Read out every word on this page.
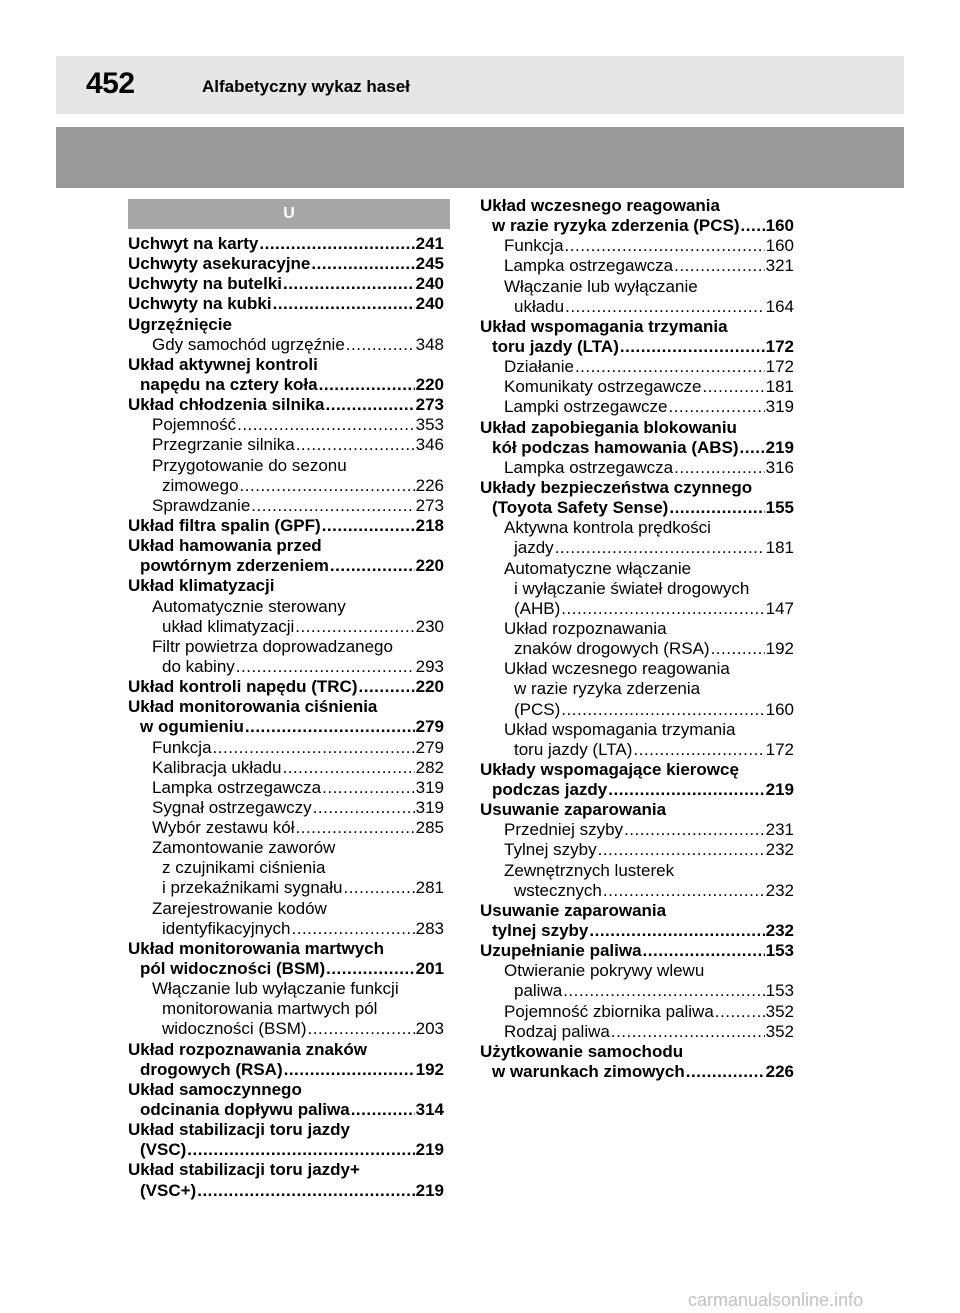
452	Alfabetyczny wykaz haseł
U
Uchwyt na karty .....	241
Uchwyty asekuracyjne .....	245
Uchwyty na butelki .....	240
Uchwyty na kubki .....	240
Ugrzęźnięcie
Gdy samochód ugrzęźnie .....	348
Układ aktywnej kontroli
napędu na cztery koła .....	220
Układ chłodzenia silnika .....	273
Pojemność .....	353
Przegrzanie silnika .....	346
Przygotowanie do sezonu
zimowego .....	226
Sprawdzanie .....	273
Układ filtra spalin (GPF) .....	218
Układ hamowania przed
powtórnym zderzeniem .....	220
Układ klimatyzacji
Automatycznie sterowany
układ klimatyzacji .....	230
Filtr powietrza doprowadzanego
do kabiny .....	293
Układ kontroli napędu (TRC) .....	220
Układ monitorowania ciśnienia
w ogumieniu .....	279
Funkcja .....	279
Kalibracja układu .....	282
Lampka ostrzegawcza .....	319
Sygnał ostrzegawczy .....	319
Wybór zestawu kół .....	285
Zamontowanie zaworów
z czujnikami ciśnienia
i przekaźnikami sygnału .....	281
Zarejestrowanie kodów
identyfikacyjnych .....	283
Układ monitorowania martwych
pól widoczności (BSM) .....	201
Włączanie lub wyłączanie funkcji
monitorowania martwych pól
widoczności (BSM) .....	203
Układ rozpoznawania znaków
drogowych (RSA) .....	192
Układ samoczynnego
odcinania dopływu paliwa .....	314
Układ stabilizacji toru jazdy
(VSC) .....	219
Układ stabilizacji toru jazdy+
(VSC+) .....	219
Układ wczesnego reagowania
w razie ryzyka zderzenia (PCS) ..... 160
Funkcja .....	160
Lampka ostrzegawcza .....	321
Włączanie lub wyłączanie
układu .....	164
Układ wspomagania trzymania
toru jazdy (LTA) .....	172
Działanie .....	172
Komunikaty ostrzegawcze .....	181
Lampki ostrzegawcze .....	319
Układ zapobiegania blokowaniu
kół podczas hamowania (ABS) ..... 219
Lampka ostrzegawcza .....	316
Układy bezpieczeństwa czynnego
(Toyota Safety Sense) .....	155
Aktywna kontrola prędkości
jazdy .....	181
Automatyczne włączanie
i wyłączanie świateł drogowych
(AHB) .....	147
Układ rozpoznawania
znaków drogowych (RSA) .....	192
Układ wczesnego reagowania
w razie ryzyka zderzenia
(PCS) .....	160
Układ wspomagania trzymania
toru jazdy (LTA) .....	172
Układy wspomagające kierowcę
podczas jazdy .....	219
Usuwanie zaparowania
Przedniej szyby .....	231
Tylnej szyby .....	232
Zewnętrznych lusterek
wstecznych .....	232
Usuwanie zaparowania
tylnej szyby .....	232
Uzupełnianie paliwa .....	153
Otwieranie pokrywy wlewu
paliwa .....	153
Pojemność zbiornika paliwa .....	352
Rodzaj paliwa .....	352
Użytkowanie samochodu
w warunkach zimowych .....	226
carmanualsonline.info
